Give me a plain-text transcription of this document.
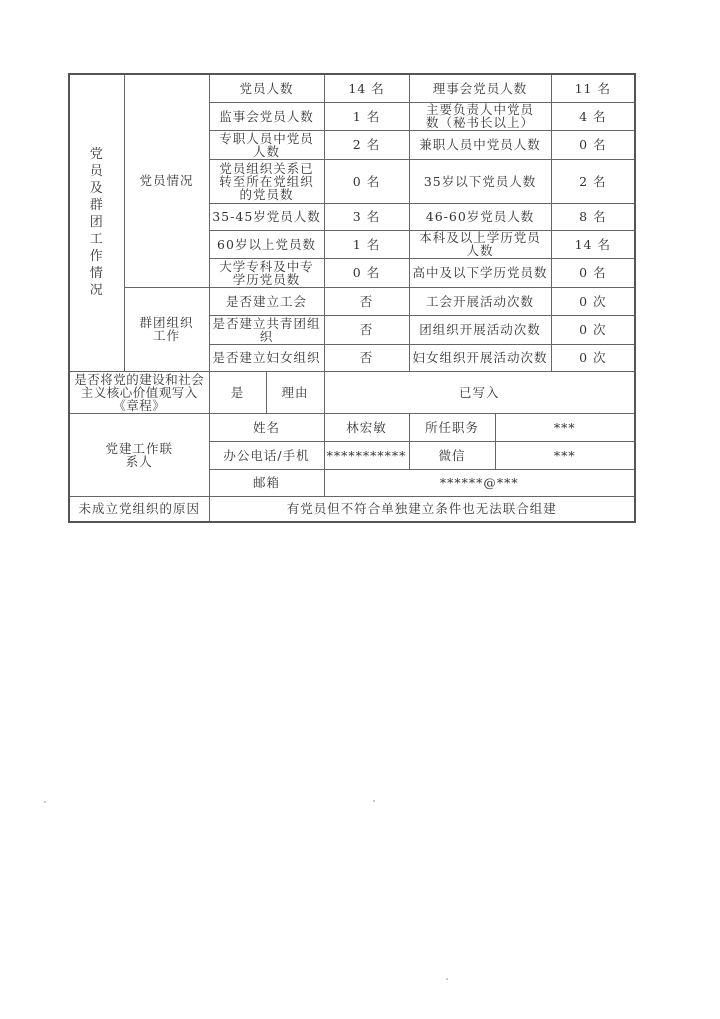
党员及群团工作情况	党员情况	党员人数		14 名	理事会党员人数		11 名
		监事会党员人数		1 名	主要负责人中党员数（秘书长以上）		4 名
		专职人员中党员人数		2 名	兼职人员中党员人数		0 名
		党员组织关系已转至所在党组织的党员数		0 名	35岁以下党员人数		2 名
		35-45岁党员人数		3 名	46-60岁党员人数		8 名
		60岁以上党员数		1 名	本科及以上学历党员人数		14 名
		大学专科及中专学历党员数		0 名	高中及以下学历党员数		0 名
	群团组织工作	是否建立工会		否	工会开展活动次数		0 次
		是否建立共青团组织		否	团组织开展活动次数		0 次
		是否建立妇女组织		否	妇女组织开展活动次数		0 次
是否将党的建设和社会主义核心价值观写入《章程》		是	理由	已写入			
党建工作联系人		姓名		林宏敏	所任职务	***	
		办公电话/手机		***********	微信	***	
		邮箱		******@***			
未成立党组织的原因		有党员但不符合单独建立条件也无法联合组建					
